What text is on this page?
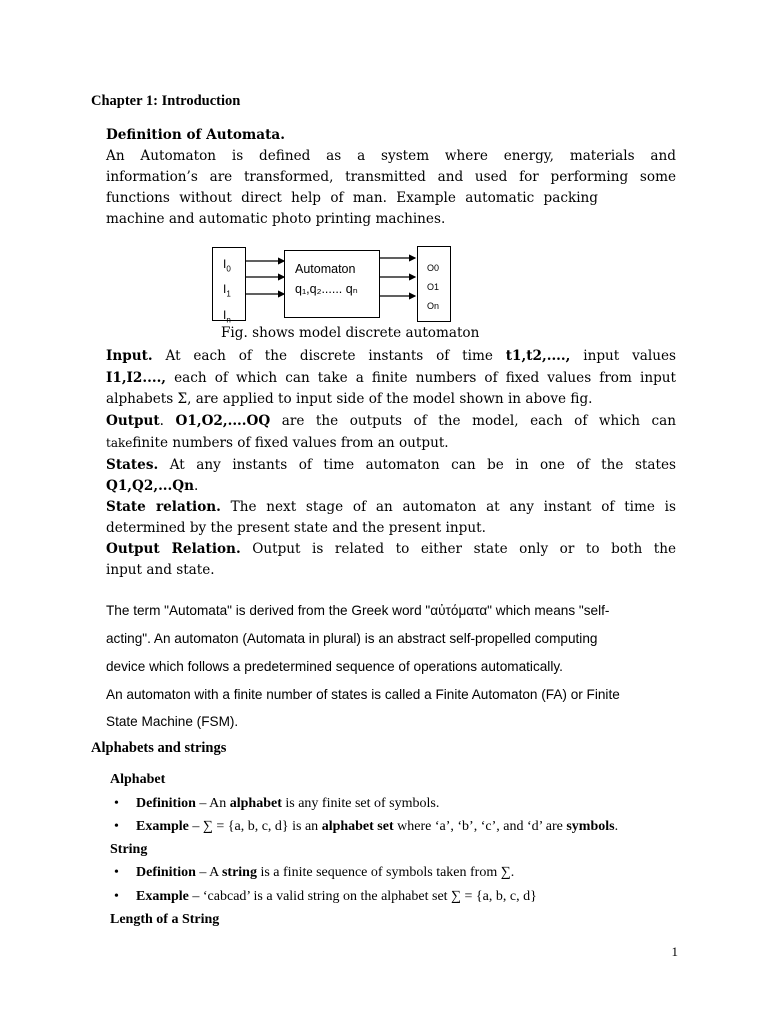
Chapter 1: Introduction
Definition of Automata.
An Automaton is defined as a system where energy, materials and
information’s are transformed, transmitted and used for performing some
functions without direct help of man. Example automatic packing
machine and automatic photo printing machines.
$I_0$
$I_1$
$I_n$
Automaton
q₁,q₂...... qₙ
O0
O1
On
Fig. shows model discrete automaton
Input. At each of the discrete instants of time t1,t2,...., input values
I1,I2...., each of which can take a finite numbers of fixed values from input
alphabets Σ, are applied to input side of the model shown in above fig.
Output. O1,O2,....OQ are the outputs of the model, each of which can
takefinite numbers of fixed values from an output.
States. At any instants of time automaton can be in one of the states
Q1,Q2,...Qn.
State relation. The next stage of an automaton at any instant of time is
determined by the present state and the present input.
Output Relation. Output is related to either state only or to both the
input and state.
The term "Automata" is derived from the Greek word "αὐτόματα" which means "self-
acting". An automaton (Automata in plural) is an abstract self-propelled computing
device which follows a predetermined sequence of operations automatically.
An automaton with a finite number of states is called a Finite Automaton (FA) or Finite
State Machine (FSM).
Alphabets and strings
Alphabet
• Definition – An alphabet is any finite set of symbols.
• Example – ∑ = {a, b, c, d} is an alphabet set where ‘a’, ‘b’, ‘c’, and ‘d’ are symbols.
String
• Definition – A string is a finite sequence of symbols taken from ∑.
• Example – ‘cabcad’ is a valid string on the alphabet set ∑ = {a, b, c, d}
Length of a String
1
